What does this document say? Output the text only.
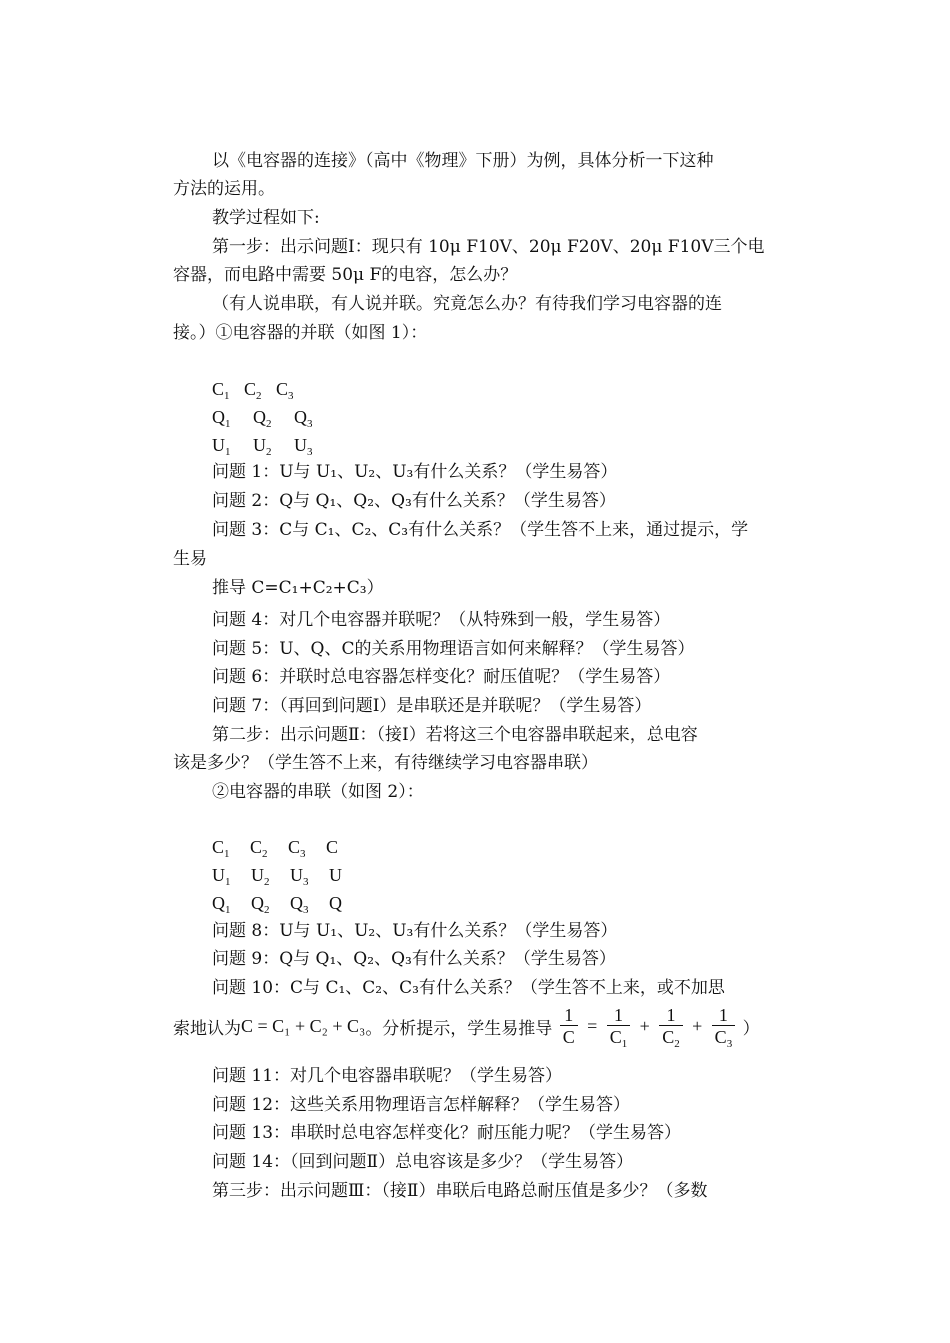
以《电容器的连接》（高中《物理》下册）为例，具体分析一下这种
方法的运用。
教学过程如下:
第一步：出示问题Ⅰ：现只有 10μ F10V、20μ F20V、20μ F10V三个电
容器，而电路中需要 50μ F的电容，怎么办？
（有人说串联，有人说并联。究竟怎么办？有待我们学习电容器的连
接。）①电容器的并联（如图 1）：
$C_1$ $C_2$ $C_3$
$Q_1$ $Q_2$ $Q_3$
$U_1$ $U_2$ $U_3$
问题 1：U与 U₁、U₂、U₃有什么关系？（学生易答）
问题 2：Q与 Q₁、Q₂、Q₃有什么关系？（学生易答）
问题 3：C与 C₁、C₂、C₃有什么关系？（学生答不上来，通过提示，学
生易
推导 C=C₁+C₂+C₃）
问题 4：对几个电容器并联呢？（从特殊到一般，学生易答）
问题 5：U、Q、C的关系用物理语言如何来解释？（学生易答）
问题 6：并联时总电容器怎样变化？耐压值呢？（学生易答）
问题 7：（再回到问题Ⅰ）是串联还是并联呢？（学生易答）
第二步：出示问题Ⅱ：（接Ⅰ）若将这三个电容器串联起来，总电容
该是多少？（学生答不上来，有待继续学习电容器串联）
②电容器的串联（如图 2）：
$C_1$ $C_2$ $C_3$ C
$U_1$ $U_2$ $U_3$ U
$Q_1$ $Q_2$ $Q_3$ Q
问题 8：U与 U₁、U₂、U₃有什么关系？（学生易答）
问题 9：Q与 Q₁、Q₂、Q₃有什么关系？（学生易答）
问题 10：C与 C₁、C₂、C₃有什么关系？（学生答不上来，或不加思
索地认为C = C₁ + C₂ + C₃。分析提示，学生易推导 $\frac{1}{C} = \frac{1}{C_1} + \frac{1}{C_2} + \frac{1}{C_3}$ ）
问题 11：对几个电容器串联呢？（学生易答）
问题 12：这些关系用物理语言怎样解释？（学生易答）
问题 13：串联时总电容怎样变化？耐压能力呢？（学生易答）
问题 14：（回到问题Ⅱ）总电容该是多少？（学生易答）
第三步：出示问题Ⅲ：（接Ⅱ）串联后电路总耐压值是多少？（多数
